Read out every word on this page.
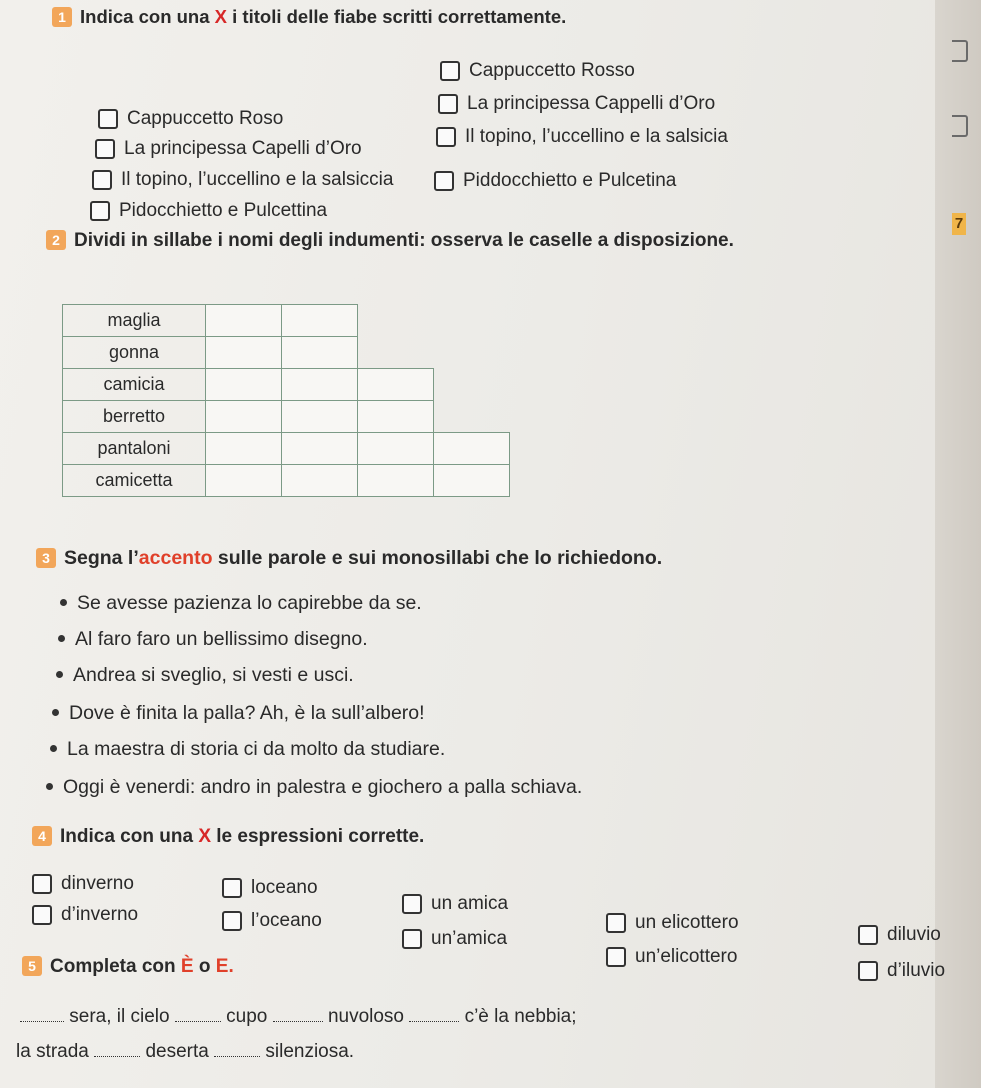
7
1 Indica con una X i titoli delle fiabe scritti correttamente.
Cappuccetto Roso
La principessa Capelli d’Oro
Il topino, l’uccellino e la salsiccia
Pidocchietto e Pulcettina
Cappuccetto Rosso
La principessa Cappelli d’Oro
Il topino, l’uccellino e la salsicia
Piddocchietto e Pulcetina
2 Dividi in sillabe i nomi degli indumenti: osserva le caselle a disposizione.
maglia				
gonna				
camicia				
berretto				
pantaloni				
camicetta				
3 Segna l’accento sulle parole e sui monosillabi che lo richiedono.
Se avesse pazienza lo capirebbe da se.
Al faro faro un bellissimo disegno.
Andrea si sveglio, si vesti e usci.
Dove è finita la palla? Ah, è la sull’albero!
La maestra di storia ci da molto da studiare.
Oggi è venerdi: andro in palestra e giochero a palla schiava.
4 Indica con una X le espressioni corrette.
dinverno
d’inverno
loceano
l’oceano
un amica
un’amica
un elicottero
un’elicottero
diluvio
d’iluvio
5 Completa con È o E.
sera, il cielo	cupo	nuvoloso	c’è la nebbia;
la strada	deserta	silenziosa.
